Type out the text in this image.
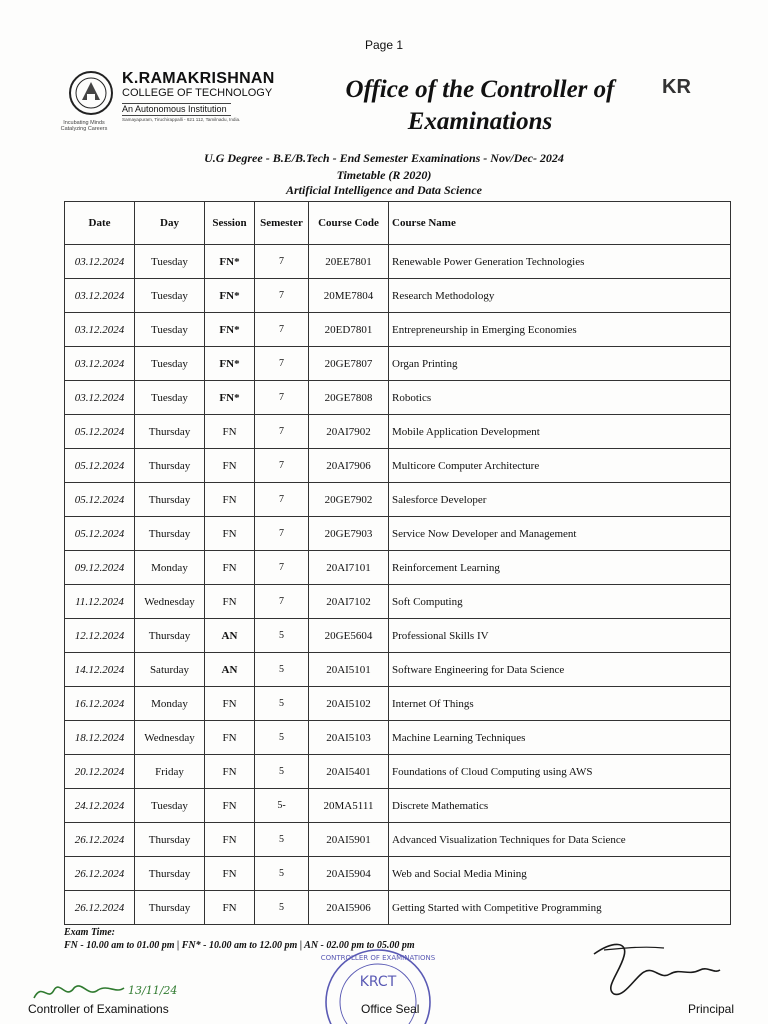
Page 1
K.RAMAKRISHNAN
COLLEGE OF TECHNOLOGY
An Autonomous Institution
Samayapuram, Tiruchirappalli - 621 112, Tamilnadu, India.
Incubating Minds Catalyzing Careers
Office of the Controller of Examinations
KR
U.G Degree - B.E/B.Tech - End Semester Examinations - Nov/Dec- 2024
Timetable (R 2020)
Artificial Intelligence and Data Science
Date	Day	Session	Semester	Course Code	Course Name
03.12.2024	Tuesday	FN*	7	20EE7801	Renewable Power Generation Technologies
03.12.2024	Tuesday	FN*	7	20ME7804	Research Methodology
03.12.2024	Tuesday	FN*	7	20ED7801	Entrepreneurship in Emerging Economies
03.12.2024	Tuesday	FN*	7	20GE7807	Organ Printing
03.12.2024	Tuesday	FN*	7	20GE7808	Robotics
05.12.2024	Thursday	FN	7	20AI7902	Mobile Application Development
05.12.2024	Thursday	FN	7	20AI7906	Multicore Computer Architecture
05.12.2024	Thursday	FN	7	20GE7902	Salesforce Developer
05.12.2024	Thursday	FN	7	20GE7903	Service Now Developer and Management
09.12.2024	Monday	FN	7	20AI7101	Reinforcement Learning
11.12.2024	Wednesday	FN	7	20AI7102	Soft Computing
12.12.2024	Thursday	AN	5	20GE5604	Professional Skills IV
14.12.2024	Saturday	AN	5	20AI5101	Software Engineering for Data Science
16.12.2024	Monday	FN	5	20AI5102	Internet Of Things
18.12.2024	Wednesday	FN	5	20AI5103	Machine Learning Techniques
20.12.2024	Friday	FN	5	20AI5401	Foundations of Cloud Computing using AWS
24.12.2024	Tuesday	FN	5-	20MA5111	Discrete Mathematics
26.12.2024	Thursday	FN	5	20AI5901	Advanced Visualization Techniques for Data Science
26.12.2024	Thursday	FN	5	20AI5904	Web and Social Media Mining
26.12.2024	Thursday	FN	5	20AI5906	Getting Started with Competitive Programming
Exam Time:
FN - 10.00 am to 01.00 pm | FN* - 10.00 am to 12.00 pm | AN - 02.00 pm to 05.00 pm
13/11/24
Controller of Examinations
KRCT
CONTROLLER OF EXAMINATIONS
Office Seal	Principal
